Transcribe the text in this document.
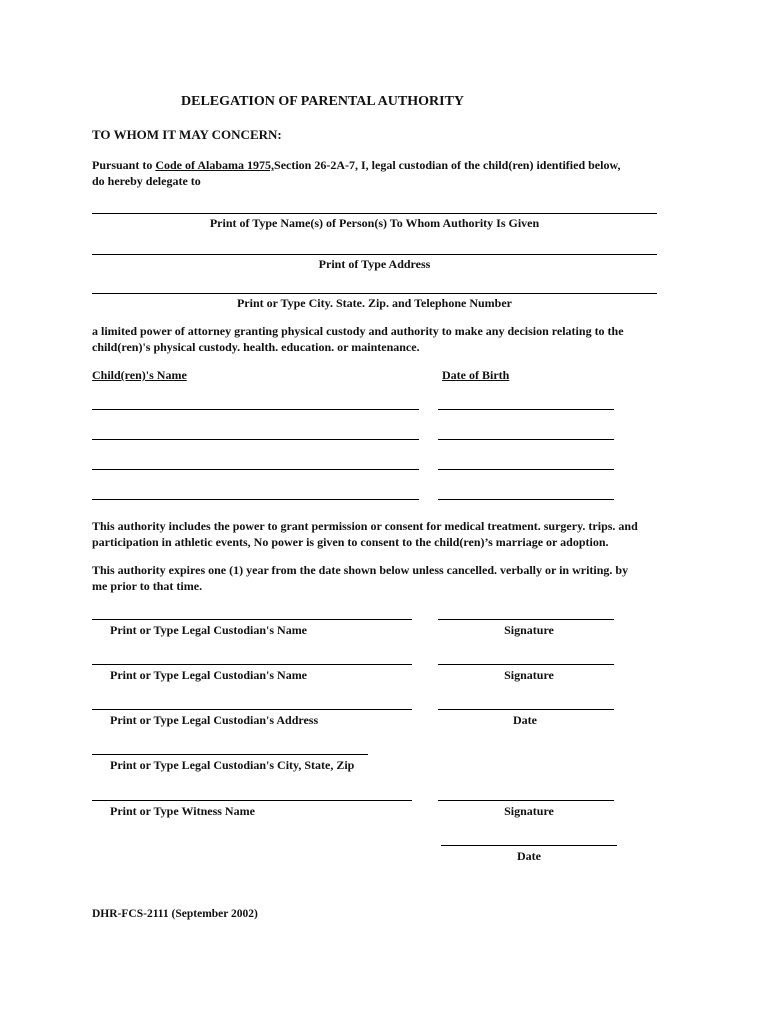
DELEGATION OF PARENTAL AUTHORITY
TO WHOM IT MAY CONCERN:
Pursuant to Code of Alabama 1975,Section 26-2A-7, I, legal custodian of the child(ren) identified below,
do hereby delegate to
Print of Type Name(s) of Person(s) To Whom Authority Is Given
Print of Type Address
Print or Type City. State. Zip. and Telephone Number
a limited power of attorney granting physical custody and authority to make any decision relating to the
child(ren)'s physical custody. health. education. or maintenance.
Child(ren)'s Name	Date of Birth
This authority includes the power to grant permission or consent for medical treatment. surgery. trips. and
participation in athletic events, No power is given to consent to the child(ren)’s marriage or adoption.
This authority expires one (1) year from the date shown below unless cancelled. verbally or in writing. by
me prior to that time.
Print or Type Legal Custodian's Name	Signature
Print or Type Legal Custodian's Name	Signature
Print or Type Legal Custodian's Address	Date
Print or Type Legal Custodian's City, State, Zip
Print or Type Witness Name	Signature
Date
DHR-FCS-2111 (September 2002)
